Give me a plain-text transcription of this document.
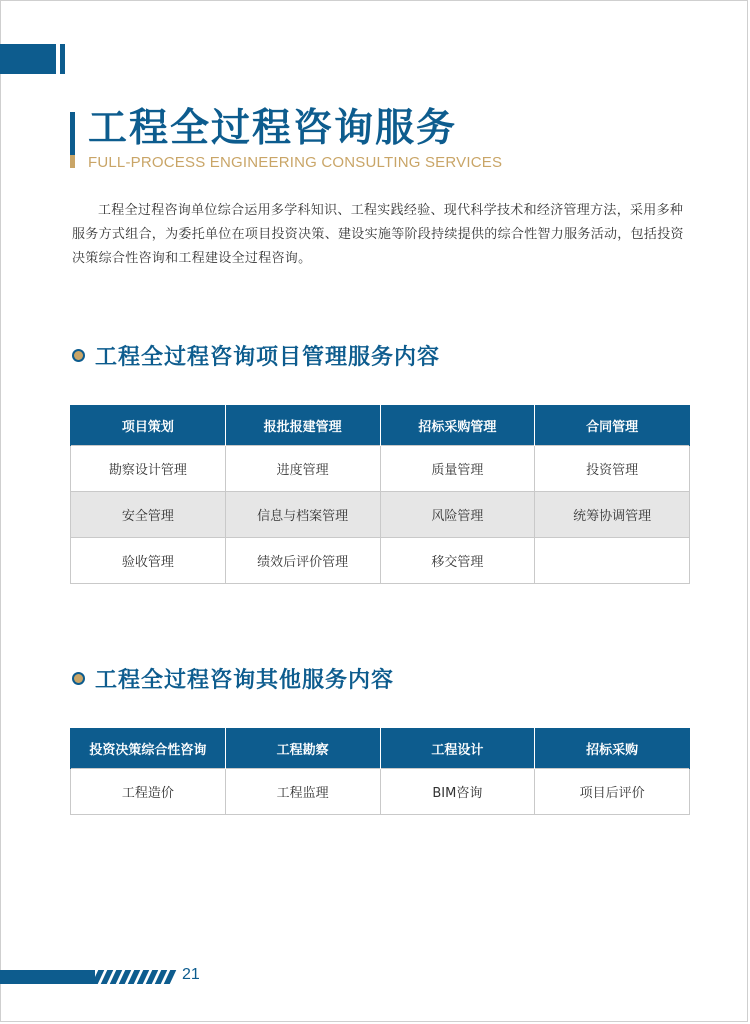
工程全过程咨询服务
FULL-PROCESS ENGINEERING CONSULTING SERVICES

工程全过程咨询单位综合运用多学科知识、工程实践经验、现代科学技术和经济管理方法，采用多种服务方式组合，为委托单位在项目投资决策、建设实施等阶段持续提供的综合性智力服务活动，包括投资决策综合性咨询和工程建设全过程咨询。

工程全过程咨询项目管理服务内容
项目策划	报批报建管理	招标采购管理	合同管理
勘察设计管理	进度管理	质量管理	投资管理
安全管理	信息与档案管理	风险管理	统筹协调管理
验收管理	绩效后评价管理	移交管理	
工程全过程咨询其他服务内容
投资决策综合性咨询	工程勘察	工程设计	招标采购
工程造价	工程监理	BIM咨询	项目后评价
21
